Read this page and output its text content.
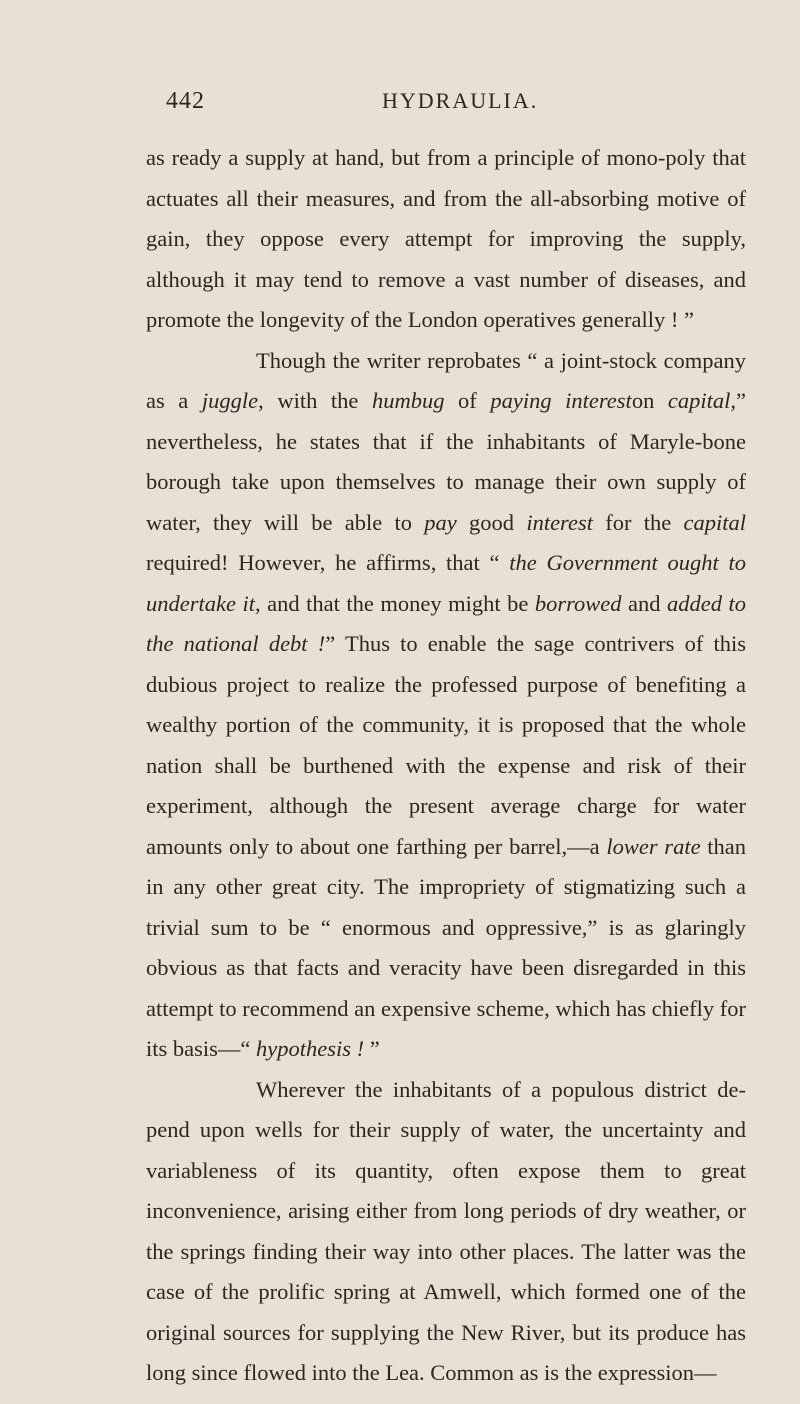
442	HYDRAULIA.

as ready a supply at hand, but from a principle of mono-poly that actuates all their measures, and from the all-absorbing motive of gain, they oppose every attempt for improving the supply, although it may tend to remove a vast number of diseases, and promote the longevity of the London operatives generally ! ”

Though the writer reprobates “ a joint-stock company as a juggle, with the humbug of paying intereston capital,” nevertheless, he states that if the inhabitants of Maryle-bone borough take upon themselves to manage their own supply of water, they will be able to pay good interest for the capital required! However, he affirms, that “ the Government ought to undertake it, and that the money might be borrowed and added to the national debt !” Thus to enable the sage contrivers of this dubious project to realize the professed purpose of benefiting a wealthy portion of the community, it is proposed that the whole nation shall be burthened with the expense and risk of their experiment, although the present average charge for water amounts only to about one farthing per barrel,—a lower rate than in any other great city. The impropriety of stigmatizing such a trivial sum to be “ enormous and oppressive,” is as glaringly obvious as that facts and veracity have been disregarded in this attempt to recommend an expensive scheme, which has chiefly for its basis—“ hypothesis ! ”

Wherever the inhabitants of a populous district de-pend upon wells for their supply of water, the uncertainty and variableness of its quantity, often expose them to great inconvenience, arising either from long periods of dry weather, or the springs finding their way into other places. The latter was the case of the prolific spring at Amwell, which formed one of the original sources for supplying the New River, but its produce has long since flowed into the Lea. Common as is the expression—
